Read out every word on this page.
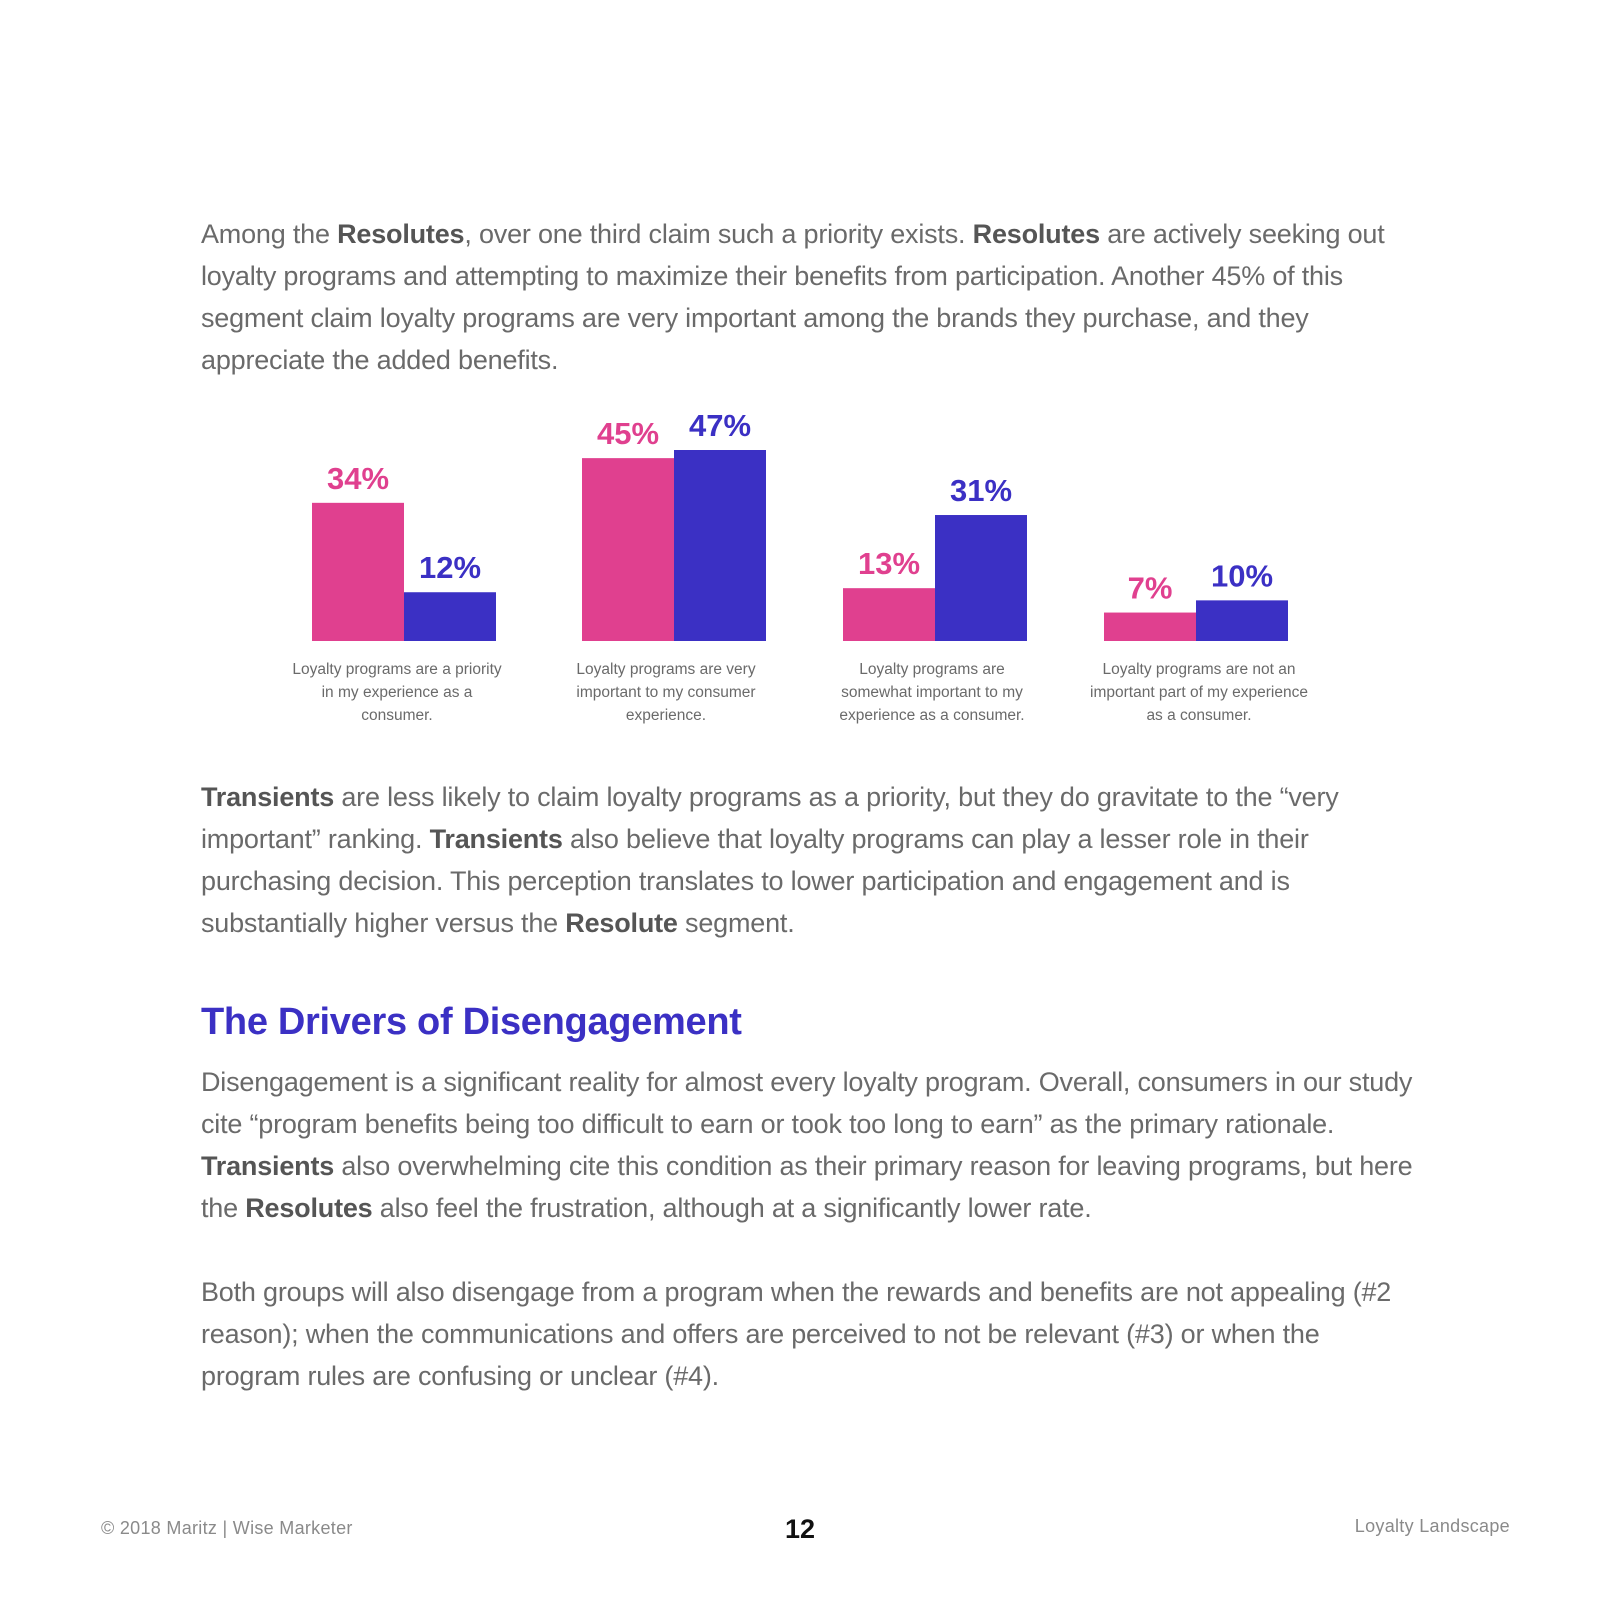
Among the Resolutes, over one third claim such a priority exists. Resolutes are actively seeking out loyalty programs and attempting to maximize their benefits from participation. Another 45% of this segment claim loyalty programs are very important among the brands they purchase, and they appreciate the added benefits.

34%
12%
45% 47%
13%
31%
7% 10%
Loyalty programs are a priority in my experience as a consumer.
Loyalty programs are very important to my consumer experience.
Loyalty programs are somewhat important to my experience as a consumer.
Loyalty programs are not an important part of my experience as a consumer.

Transients are less likely to claim loyalty programs as a priority, but they do gravitate to the “very important” ranking. Transients also believe that loyalty programs can play a lesser role in their purchasing decision. This perception translates to lower participation and engagement and is substantially higher versus the Resolute segment.

The Drivers of Disengagement

Disengagement is a significant reality for almost every loyalty program. Overall, consumers in our study cite “program benefits being too difficult to earn or took too long to earn” as the primary rationale. Transients also overwhelming cite this condition as their primary reason for leaving programs, but here the Resolutes also feel the frustration, although at a significantly lower rate.

Both groups will also disengage from a program when the rewards and benefits are not appealing (#2 reason); when the communications and offers are perceived to not be relevant (#3) or when the program rules are confusing or unclear (#4).

© 2018 Maritz | Wise Marketer	12	Loyalty Landscape
